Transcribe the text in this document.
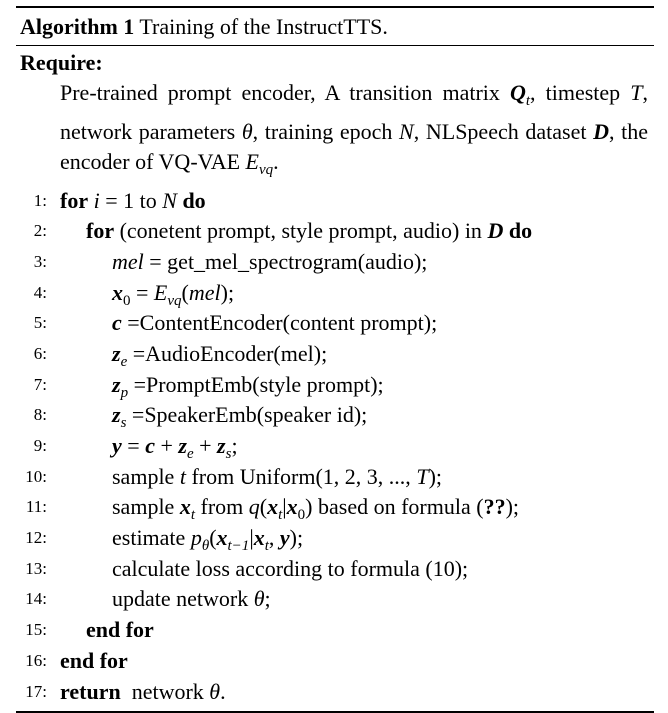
Algorithm 1 Training of the InstructTTS.
Require:
Pre-trained prompt encoder, A transition matrix $Q_t$, timestep T, network parameters θ, training epoch N, NLSpeech dataset D, the encoder of VQ-VAE $E_{vq}$.
1: for i = 1 to N do
2: for (conetent prompt, style prompt, audio) in D do
3:	mel = get_mel_spectrogram(audio);
4:	$x_0 = E_{vq}(mel)$;
5:	c =ContentEncoder(content prompt);
6:	$z_e$ =AudioEncoder(mel);
7:	$z_p$ =PromptEmb(style prompt);
8:	$z_s$ =SpeakerEmb(speaker id);
9:	$y = c + z_e + z_s$;
10:	sample t from Uniform(1, 2, 3, ..., T);
11:	sample $x_t$ from $q(x_t|x_0)$ based on formula (??);
12:	estimate $p_\theta(x_{t-1}|x_t$, y);
13:	calculate loss according to formula (10);
14:	update network θ;
15: end for
16: end for
17: return  network θ.
